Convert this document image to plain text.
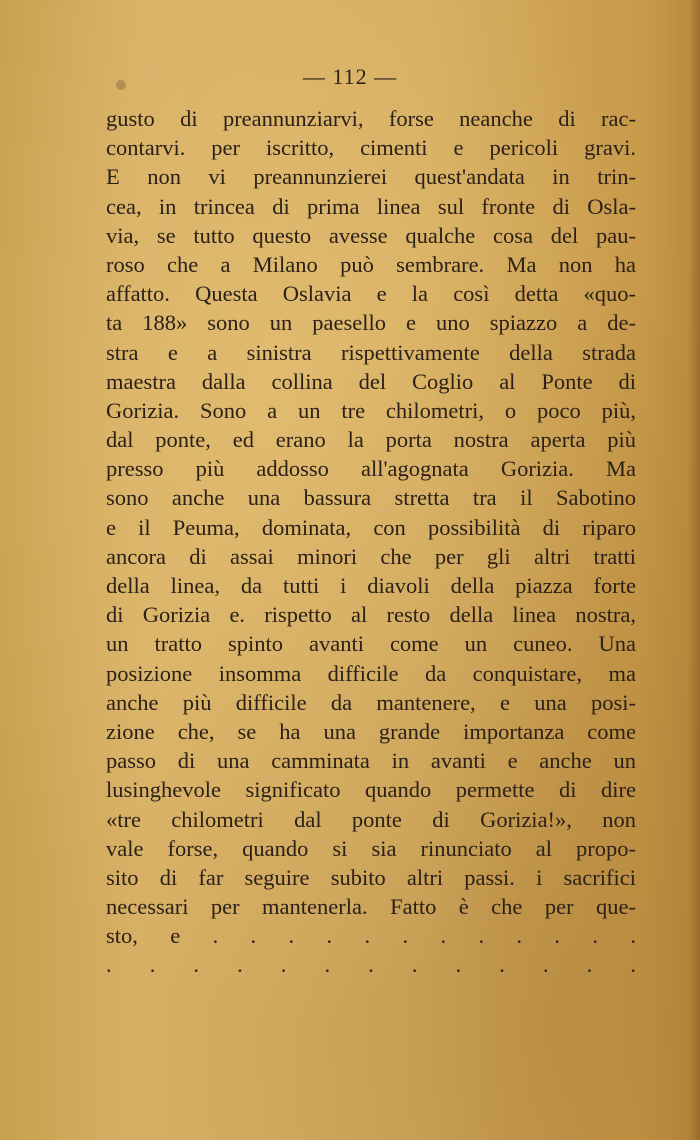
— 112 —
gusto di preannunziarvi, forse neanche di rac-
contarvi. per iscritto, cimenti e pericoli gravi.
E non vi preannunzierei quest'andata in trin-
cea, in trincea di prima linea sul fronte di Osla-
via, se tutto questo avesse qualche cosa del pau-
roso che a Milano può sembrare. Ma non ha
affatto. Questa Oslavia e la così detta «quo-
ta 188» sono un paesello e uno spiazzo a de-
stra e a sinistra rispettivamente della strada
maestra dalla collina del Coglio al Ponte di
Gorizia. Sono a un tre chilometri, o poco più,
dal ponte, ed erano la porta nostra aperta più
presso più addosso all'agognata Gorizia. Ma
sono anche una bassura stretta tra il Sabotino
e il Peuma, dominata, con possibilità di riparo
ancora di assai minori che per gli altri tratti
della linea, da tutti i diavoli della piazza forte
di Gorizia e. rispetto al resto della linea nostra,
un tratto spinto avanti come un cuneo. Una
posizione insomma difficile da conquistare, ma
anche più difficile da mantenere, e una posi-
zione che, se ha una grande importanza come
passo di una camminata in avanti e anche un
lusinghevole significato quando permette di dire
«tre chilometri dal ponte di Gorizia!», non
vale forse, quando si sia rinunciato al propo-
sito di far seguire subito altri passi. i sacrifici
necessari per mantenerla. Fatto è che per que-
sto, e . . . . . . . . . . . .
. . . . . . . . . . . . .
